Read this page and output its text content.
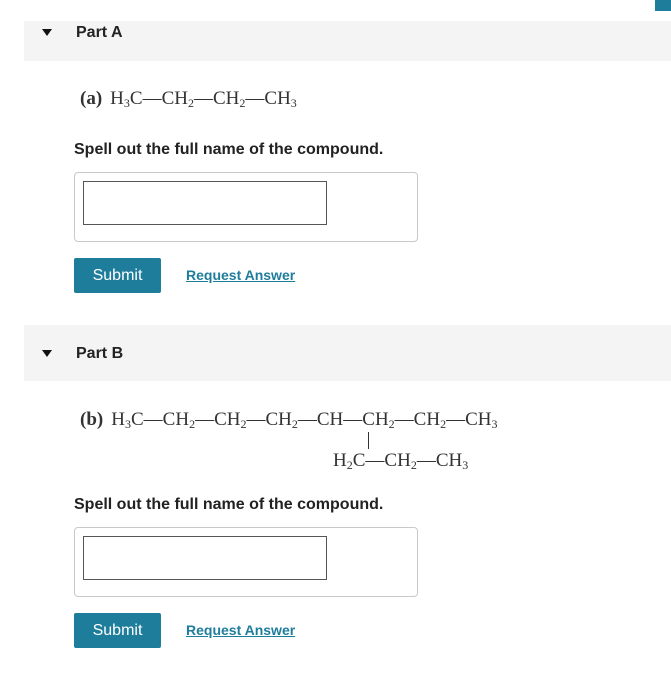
Part A
(a) $H_3C—CH_2—CH_2—CH_3$
Spell out the full name of the compound.
Submit	Request Answer
Part B
(b) $H_3C—CH_2—CH_2—CH_2—CH—CH_2—CH_2—CH_3$
$H_2C—CH_2—CH_3$
Spell out the full name of the compound.
Submit	Request Answer
